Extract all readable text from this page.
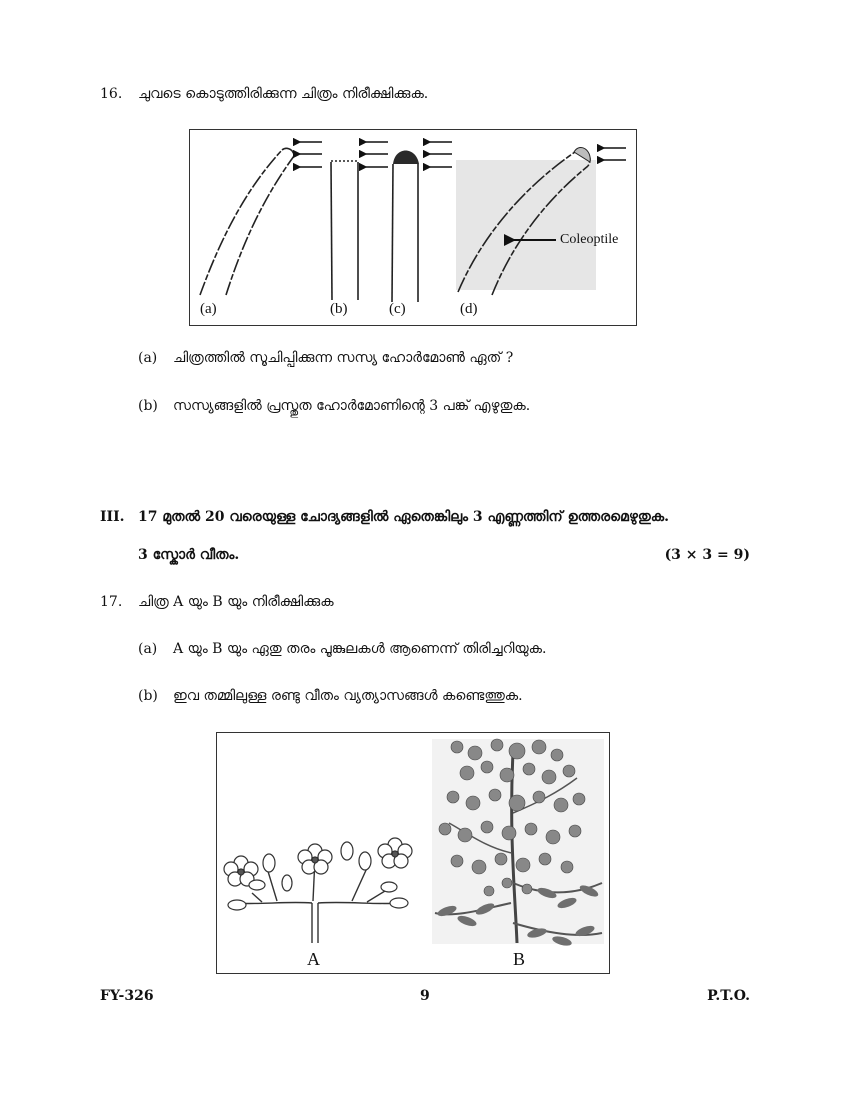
16. ചുവടെ കൊടുത്തിരിക്കുന്ന ചിത്രം നിരീക്ഷിക്കുക.
(a)	(b)	(c)	(d)
Coleoptile
(a) ചിത്രത്തിൽ സൂചിപ്പിക്കുന്ന സസ്യ ഹോർമോൺ ഏത് ?
(b) സസ്യങ്ങളിൽ പ്രസ്തുത ഹോർമോണിന്റെ 3 പങ്ക് എഴുതുക.
III. 17 മുതൽ 20 വരെയുള്ള ചോദ്യങ്ങളിൽ ഏതെങ്കിലും 3 എണ്ണത്തിന് ഉത്തരമെഴുതുക.
3 സ്കോർ വീതം.	(3 × 3 = 9)
17. ചിത്ര A യും B യും നിരീക്ഷിക്കുക
(a) A യും B യും ഏതു തരം പൂങ്കുലകൾ ആണെന്ന് തിരിച്ചറിയുക.
(b) ഇവ തമ്മിലുള്ള രണ്ടു വീതം വ്യത്യാസങ്ങൾ കണ്ടെത്തുക.
A	B
FY-326	9	P.T.O.
